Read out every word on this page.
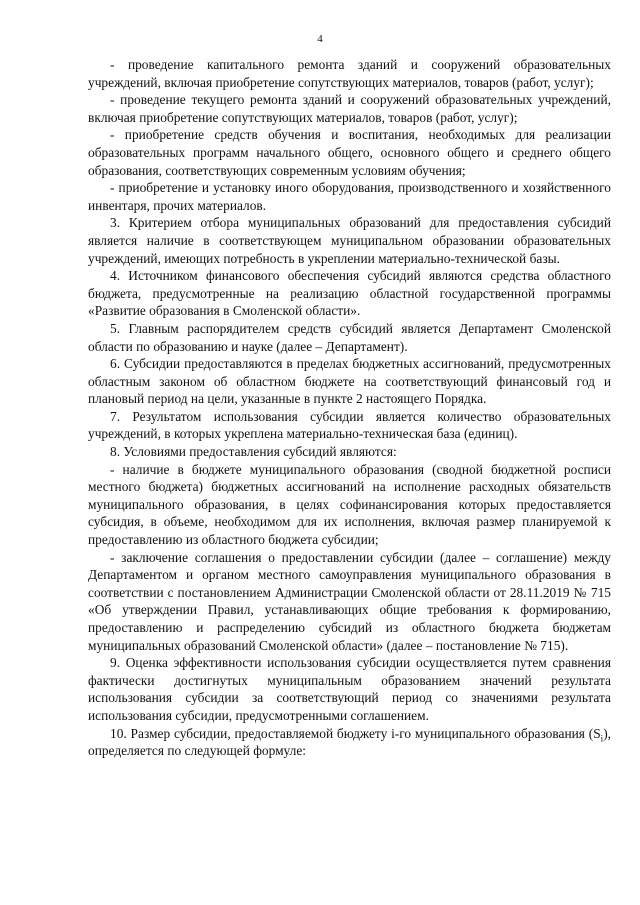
4

- проведение капитального ремонта зданий и сооружений образовательных учреждений, включая приобретение сопутствующих материалов, товаров (работ, услуг);

- проведение текущего ремонта зданий и сооружений образовательных учреждений, включая приобретение сопутствующих материалов, товаров (работ, услуг);

- приобретение средств обучения и воспитания, необходимых для реализации образовательных программ начального общего, основного общего и среднего общего образования, соответствующих современным условиям обучения;

- приобретение и установку иного оборудования, производственного и хозяйственного инвентаря, прочих материалов.

3. Критерием отбора муниципальных образований для предоставления субсидий является наличие в соответствующем муниципальном образовании образовательных учреждений, имеющих потребность в укреплении материально-технической базы.

4. Источником финансового обеспечения субсидий являются средства областного бюджета, предусмотренные на реализацию областной государственной программы «Развитие образования в Смоленской области».

5. Главным распорядителем средств субсидий является Департамент Смоленской области по образованию и науке (далее – Департамент).

6. Субсидии предоставляются в пределах бюджетных ассигнований, предусмотренных областным законом об областном бюджете на соответствующий финансовый год и плановый период на цели, указанные в пункте 2 настоящего Порядка.

7. Результатом использования субсидии является количество образовательных учреждений, в которых укреплена материально-техническая база (единиц).

8. Условиями предоставления субсидий являются:

- наличие в бюджете муниципального образования (сводной бюджетной росписи местного бюджета) бюджетных ассигнований на исполнение расходных обязательств муниципального образования, в целях софинансирования которых предоставляется субсидия, в объеме, необходимом для их исполнения, включая размер планируемой к предоставлению из областного бюджета субсидии;

- заключение соглашения о предоставлении субсидии (далее – соглашение) между Департаментом и органом местного самоуправления муниципального образования в соответствии с постановлением Администрации Смоленской области от 28.11.2019 № 715 «Об утверждении Правил, устанавливающих общие требования к формированию, предоставлению и распределению субсидий из областного бюджета бюджетам муниципальных образований Смоленской области» (далее – постановление № 715).

9. Оценка эффективности использования субсидии осуществляется путем сравнения фактически достигнутых муниципальным образованием значений результата использования субсидии за соответствующий период со значениями результата использования субсидии, предусмотренными соглашением.

10. Размер субсидии, предоставляемой бюджету i-го муниципального образования $(S_i)$, определяется по следующей формуле:
